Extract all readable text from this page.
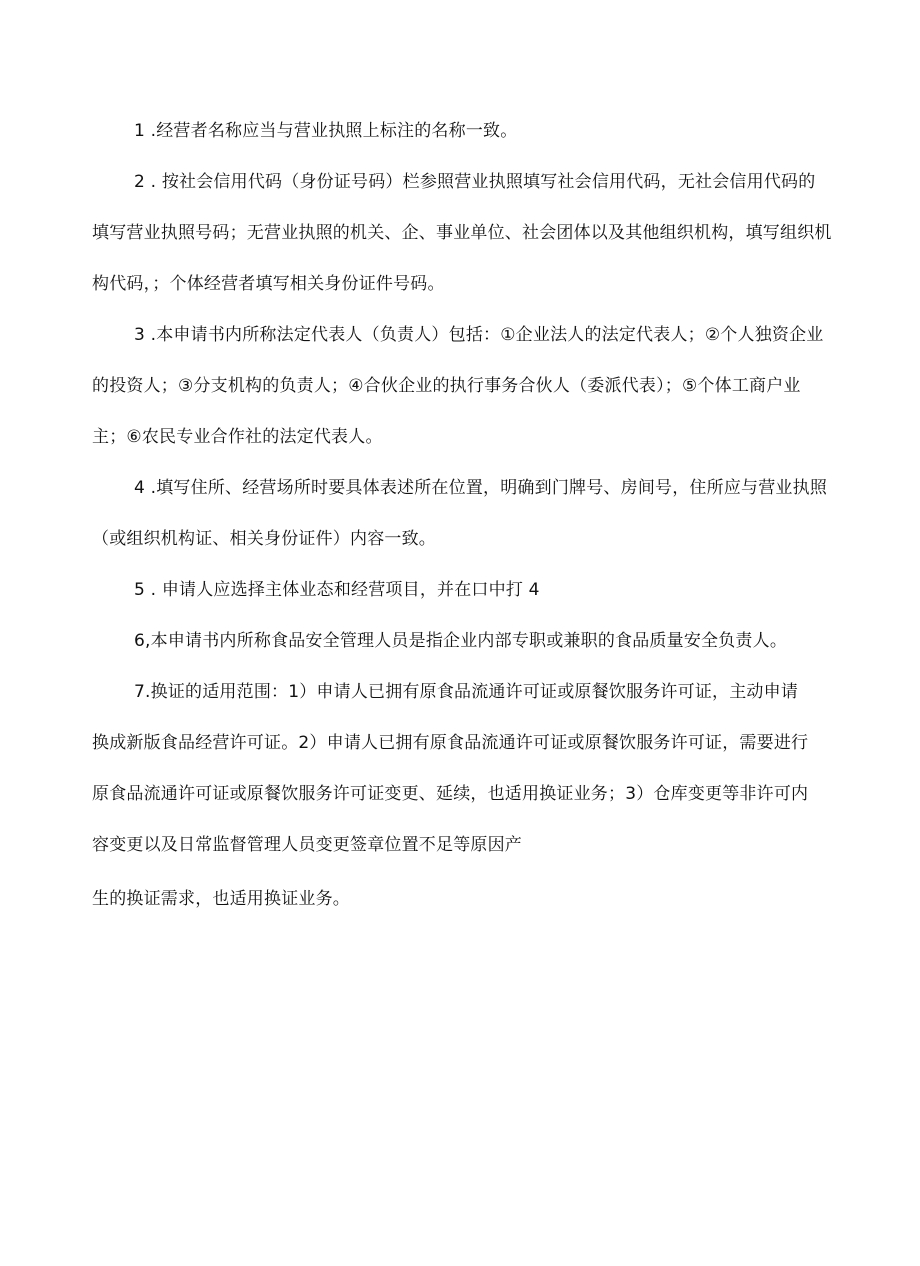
1 .经营者名称应当与营业执照上标注的名称一致。

2 . 按社会信用代码（身份证号码）栏参照营业执照填写社会信用代码，无社会信用代码的填写营业执照号码；无营业执照的机关、企、事业单位、社会团体以及其他组织机构，填写组织机构代码，；个体经营者填写相关身份证件号码。

3 .本申请书内所称法定代表人（负责人）包括：①企业法人的法定代表人；②个人独资企业的投资人；③分支机构的负责人；④合伙企业的执行事务合伙人（委派代表）；⑤个体工商户业主；⑥农民专业合作社的法定代表人。

4 .填写住所、经营场所时要具体表述所在位置，明确到门牌号、房间号，住所应与营业执照（或组织机构证、相关身份证件）内容一致。

5 . 申请人应选择主体业态和经营项目，并在口中打 4

6,本申请书内所称食品安全管理人员是指企业内部专职或兼职的食品质量安全负责人。

7.换证的适用范围：1）申请人已拥有原食品流通许可证或原餐饮服务许可证，主动申请换成新版食品经营许可证。2）申请人已拥有原食品流通许可证或原餐饮服务许可证，需要进行原食品流通许可证或原餐饮服务许可证变更、延续，也适用换证业务；3）仓库变更等非许可内容变更以及日常监督管理人员变更签章位置不足等原因产

生的换证需求，也适用换证业务。
